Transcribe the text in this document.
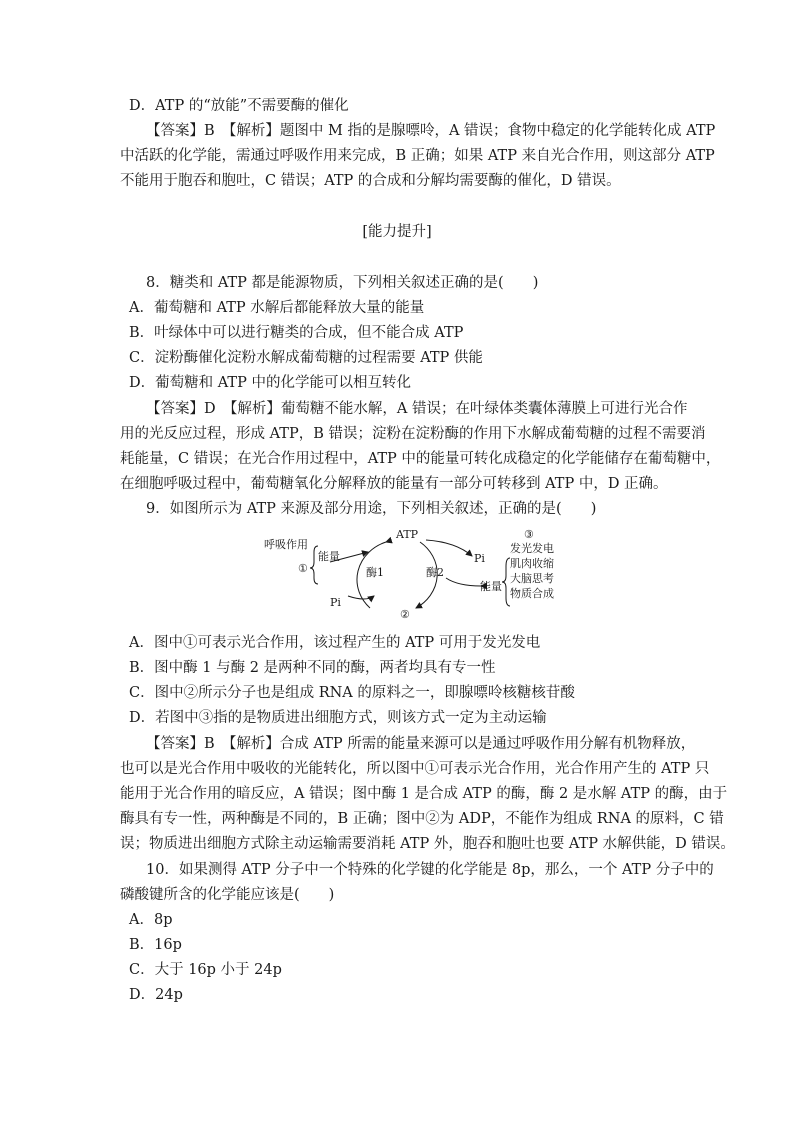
D．ATP 的“放能”不需要酶的催化
【答案】B　【解析】题图中 M 指的是腺嘌呤，A 错误；食物中稳定的化学能转化成 ATP
中活跃的化学能，需通过呼吸作用来完成，B 正确；如果 ATP 来自光合作用，则这部分 ATP
不能用于胞吞和胞吐，C 错误；ATP 的合成和分解均需要酶的催化，D 错误。
[能力提升]
8．糖类和 ATP 都是能源物质，下列相关叙述正确的是(　　)
A．葡萄糖和 ATP 水解后都能释放大量的能量
B．叶绿体中可以进行糖类的合成，但不能合成 ATP
C．淀粉酶催化淀粉水解成葡萄糖的过程需要 ATP 供能
D．葡萄糖和 ATP 中的化学能可以相互转化
【答案】D　【解析】葡萄糖不能水解，A 错误；在叶绿体类囊体薄膜上可进行光合作
用的光反应过程，形成 ATP，B 错误；淀粉在淀粉酶的作用下水解成葡萄糖的过程不需要消
耗能量，C 错误；在光合作用过程中，ATP 中的能量可转化成稳定的化学能储存在葡萄糖中，
在细胞呼吸过程中，葡萄糖氧化分解释放的能量有一部分可转移到 ATP 中，D 正确。
9．如图所示为 ATP 来源及部分用途，下列相关叙述，正确的是(　　)
呼吸作用
①
能量
ATP
Pi
酶1	酶2
Pi
②
能量
③
发光发电
肌肉收缩
大脑思考
物质合成
A．图中①可表示光合作用，该过程产生的 ATP 可用于发光发电
B．图中酶 1 与酶 2 是两种不同的酶，两者均具有专一性
C．图中②所示分子也是组成 RNA 的原料之一，即腺嘌呤核糖核苷酸
D．若图中③指的是物质进出细胞方式，则该方式一定为主动运输
【答案】B　【解析】合成 ATP 所需的能量来源可以是通过呼吸作用分解有机物释放，
也可以是光合作用中吸收的光能转化，所以图中①可表示光合作用，光合作用产生的 ATP 只
能用于光合作用的暗反应，A 错误；图中酶 1 是合成 ATP 的酶，酶 2 是水解 ATP 的酶，由于
酶具有专一性，两种酶是不同的，B 正确；图中②为 ADP，不能作为组成 RNA 的原料，C 错
误；物质进出细胞方式除主动运输需要消耗 ATP 外，胞吞和胞吐也要 ATP 水解供能，D 错误。
10．如果测得 ATP 分子中一个特殊的化学键的化学能是 8p，那么，一个 ATP 分子中的
磷酸键所含的化学能应该是(　　)
A．8p
B．16p
C．大于 16p 小于 24p
D．24p
